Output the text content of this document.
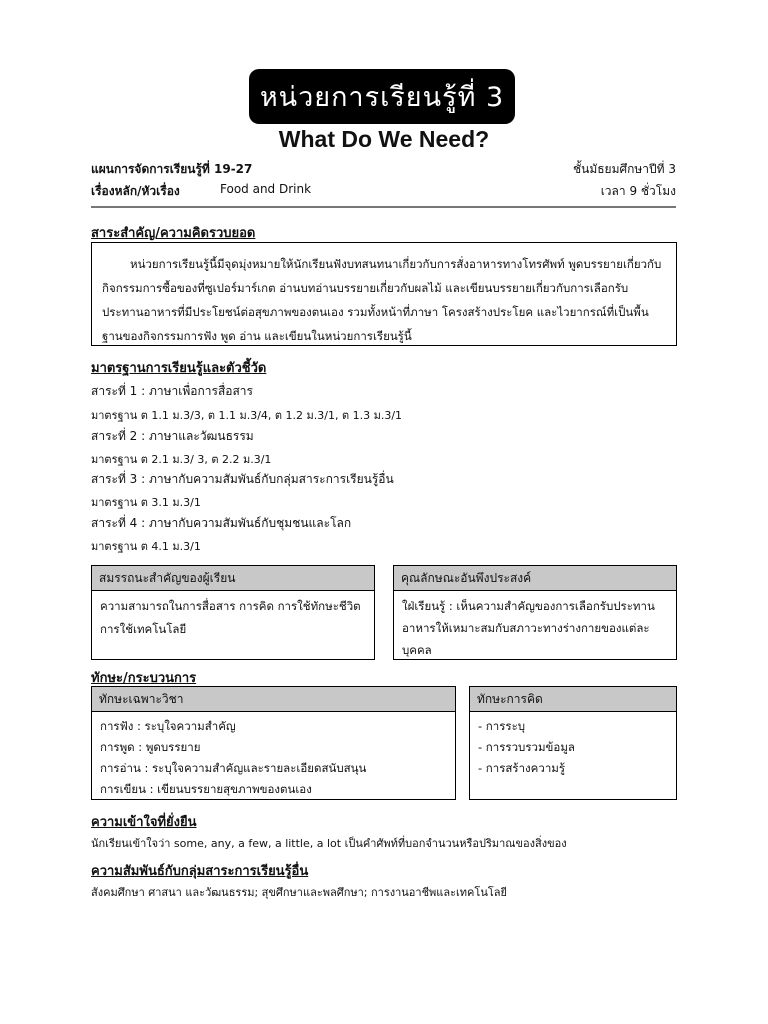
หน่วยการเรียนรู้ที่ 3
What Do We Need?
แผนการจัดการเรียนรู้ที่ 19-27	ชั้นมัธยมศึกษาปีที่ 3
เรื่องหลัก/หัวเรื่อง	Food and Drink	เวลา 9 ชั่วโมง
สาระสำคัญ/ความคิดรวบยอด
หน่วยการเรียนรู้นี้มีจุดมุ่งหมายให้นักเรียนฟังบทสนทนาเกี่ยวกับการสั่งอาหารทางโทรศัพท์ พูดบรรยายเกี่ยวกับกิจกรรมการซื้อของที่ซูเปอร์มาร์เกต อ่านบทอ่านบรรยายเกี่ยวกับผลไม้ และเขียนบรรยายเกี่ยวกับการเลือกรับประทานอาหารที่มีประโยชน์ต่อสุขภาพของตนเอง รวมทั้งหน้าที่ภาษา โครงสร้างประโยค และไวยากรณ์ที่เป็นพื้นฐานของกิจกรรมการฟัง พูด อ่าน และเขียนในหน่วยการเรียนรู้นี้
มาตรฐานการเรียนรู้และตัวชี้วัด
สาระที่ 1 : ภาษาเพื่อการสื่อสาร
มาตรฐาน ต 1.1 ม.3/3, ต 1.1 ม.3/4, ต 1.2 ม.3/1, ต 1.3 ม.3/1
สาระที่ 2 : ภาษาและวัฒนธรรม
มาตรฐาน ต 2.1 ม.3/ 3, ต 2.2 ม.3/1
สาระที่ 3 : ภาษากับความสัมพันธ์กับกลุ่มสาระการเรียนรู้อื่น
มาตรฐาน ต 3.1 ม.3/1
สาระที่ 4 : ภาษากับความสัมพันธ์กับชุมชนและโลก
มาตรฐาน ต 4.1 ม.3/1
สมรรถนะสำคัญของผู้เรียน
ความสามารถในการสื่อสาร การคิด การใช้ทักษะชีวิต
การใช้เทคโนโลยี
คุณลักษณะอันพึงประสงค์
ใฝ่เรียนรู้ : เห็นความสำคัญของการเลือกรับประทาน
อาหารให้เหมาะสมกับสภาวะทางร่างกายของแต่ละ
บุคคล
ทักษะ/กระบวนการ
ทักษะเฉพาะวิชา
การฟัง : ระบุใจความสำคัญ
การพูด : พูดบรรยาย
การอ่าน : ระบุใจความสำคัญและรายละเอียดสนับสนุน
การเขียน : เขียนบรรยายสุขภาพของตนเอง
ทักษะการคิด
- การระบุ
- การรวบรวมข้อมูล
- การสร้างความรู้
ความเข้าใจที่ยั่งยืน
นักเรียนเข้าใจว่า some, any, a few, a little, a lot เป็นคำศัพท์ที่บอกจำนวนหรือปริมาณของสิ่งของ
ความสัมพันธ์กับกลุ่มสาระการเรียนรู้อื่น
สังคมศึกษา ศาสนา และวัฒนธรรม; สุขศึกษาและพลศึกษา; การงานอาชีพและเทคโนโลยี
